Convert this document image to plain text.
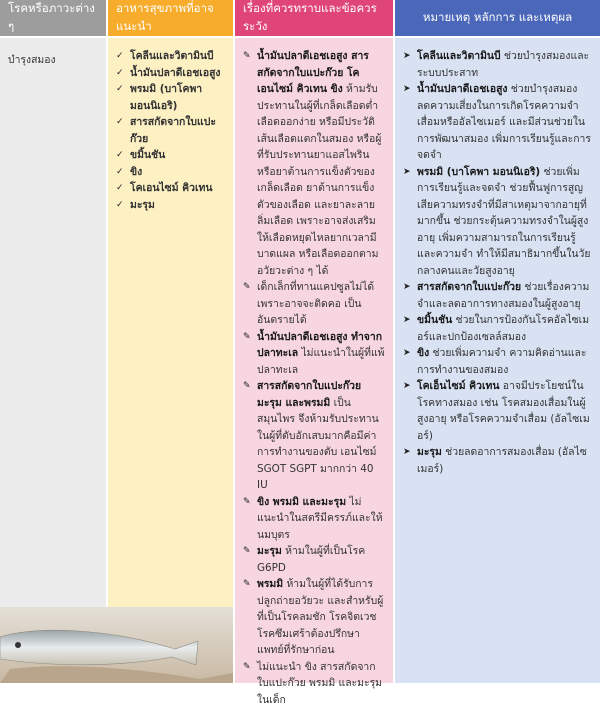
โรคหรือภาวะต่าง ๆ
บำรุงสมอง
อาหารสุขภาพที่อาจแนะนำ
✓ โคลีนและวิตามินบี
✓ น้ำมันปลาดีเอชเอสูง
✓ พรมมิ (บาโคพา มอนนิเอริ)
✓ สารสกัดจากใบแปะก๊วย
✓ ขมิ้นชัน
✓ ขิง
✓ โคเอนไซม์ คิวเทน
✓ มะรุม
เรื่องที่ควรทราบและข้อควรระวัง
✎ น้ำมันปลาดีเอชเอสูง สารสกัดจากใบแปะก๊วย โคเอนไซม์ คิวเทน ขิง ห้ามรับประทานในผู้ที่เกล็ดเลือดต่ำ เลือดออกง่าย หรือมีประวัติเส้นเลือดแตกในสมอง หรือผู้ที่รับประทานยาแอสไพริน หรือยาต้านการแข็งตัวของเกล็ดเลือด ยาต้านการแข็งตัวของเลือด และยาละลายลิ่มเลือด เพราะอาจส่งเสริมให้เลือดหยุดไหลยากเวลามีบาดแผล หรือเลือดออกตามอวัยวะต่าง ๆ ได้
✎ เด็กเล็กที่ทานแคปซูลไม่ได้ เพราะอาจจะติดคอ เป็นอันตรายได้
✎ น้ำมันปลาดีเอชเอสูง ทำจากปลาทะเล ไม่แนะนำในผู้ที่แพ้ปลาทะเล
✎ สารสกัดจากใบแปะก๊วย มะรุม และพรมมิ เป็นสมุนไพร จึงห้ามรับประทานในผู้ที่ตับอักเสบมากคือมีค่าการทำงานของตับ เอนไซม์ SGOT SGPT มากกว่า 40 IU
✎ ขิง พรมมิ และมะรุม ไม่แนะนำในสตรีมีครรภ์และให้นมบุตร
✎ มะรุม ห้ามในผู้ที่เป็นโรค G6PD
✎ พรมมิ ห้ามในผู้ที่ได้รับการปลูกถ่ายอวัยวะ และสำหรับผู้ที่เป็นโรคลมชัก โรคจิตเวช โรคซึมเศร้าต้องปรึกษาแพทย์ที่รักษาก่อน
✎ ไม่แนะนำ ขิง สารสกัดจากใบแปะก๊วย พรมมิ และมะรุม ในเด็ก
หมายเหตุ หลักการ และเหตุผล
➤ โคลีนและวิตามินบี ช่วยบำรุงสมองและระบบประสาท
➤ น้ำมันปลาดีเอชเอสูง ช่วยบำรุงสมอง ลดความเสี่ยงในการเกิดโรคความจำเสื่อมหรืออัลไซเมอร์ และมีส่วนช่วยในการพัฒนาสมอง เพิ่มการเรียนรู้และการจดจำ
➤ พรมมิ (บาโคพา มอนนิเอริ) ช่วยเพิ่มการเรียนรู้และจดจำ ช่วยฟื้นฟูการสูญเสียความทรงจำที่มีสาเหตุมาจากอายุที่มากขึ้น ช่วยกระตุ้นความทรงจำในผู้สูงอายุ เพิ่มความสามารถในการเรียนรู้และความจำ ทำให้มีสมาธิมากขึ้นในวัยกลางคนและวัยสูงอายุ
➤ สารสกัดจากใบแปะก๊วย ช่วยเรื่องความจำและลดอาการทางสมองในผู้สูงอายุ
➤ ขมิ้นชัน ช่วยในการป้องกันโรคอัลไซเมอร์และปกป้องเซลล์สมอง
➤ ขิง ช่วยเพิ่มความจำ ความคิดอ่านและการทำงานของสมอง
➤ โคเอ็นไซม์ คิวเทน อาจมีประโยชน์ในโรคทางสมอง เช่น โรคสมองเสื่อมในผู้สูงอายุ หรือโรคความจำเสื่อม (อัลไซเมอร์)
➤ มะรุม ช่วยลดอาการสมองเสื่อม (อัลไซเมอร์)
